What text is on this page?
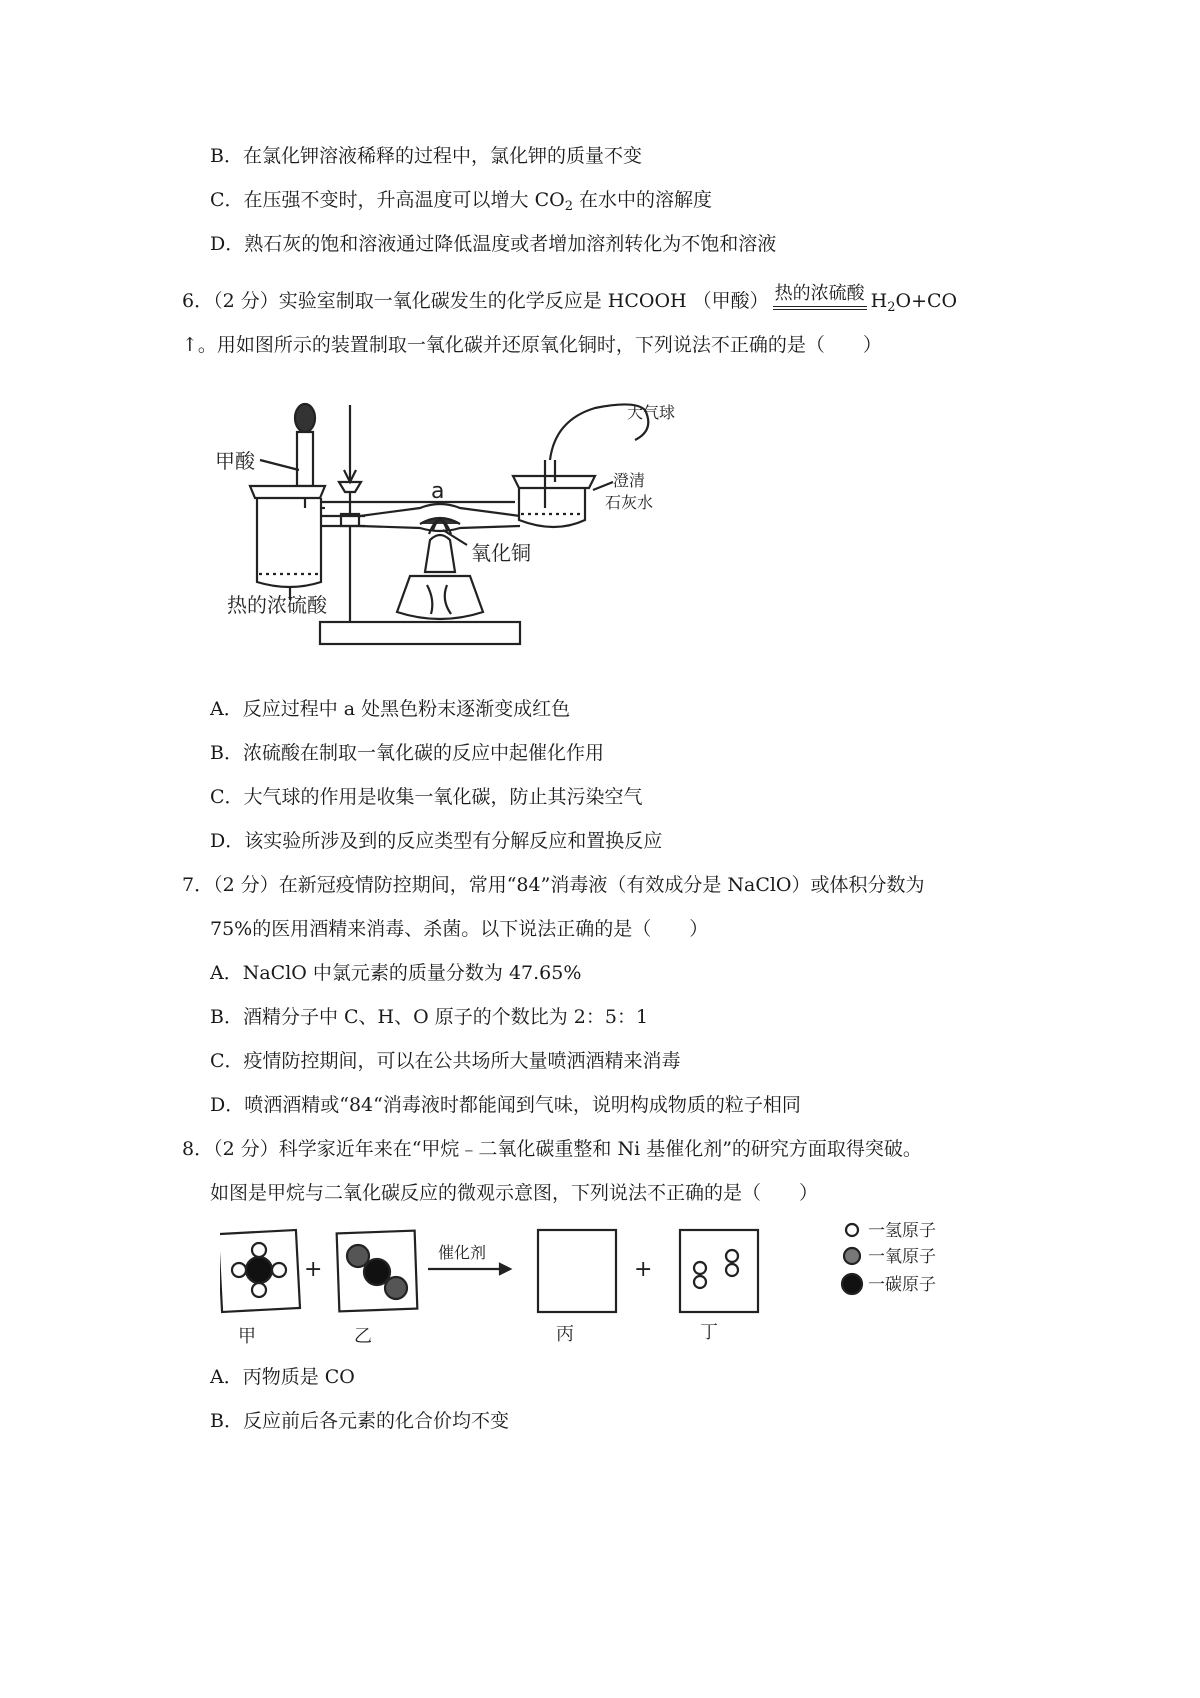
B．在氯化钾溶液稀释的过程中，氯化钾的质量不变
C．在压强不变时，升高温度可以增大 $CO_2$ 在水中的溶解度
D．熟石灰的饱和溶液通过降低温度或者增加溶剂转化为不饱和溶液
6．（2 分）实验室制取一氧化碳发生的化学反应是 HCOOH （甲酸） 热的浓硫酸 $H_2O+CO$
↑。用如图所示的装置制取一氧化碳并还原氧化铜时，下列说法不正确的是（　　）
甲酸
热的浓硫酸
a
氧化铜
大气球
澄清
石灰水
A．反应过程中 a 处黑色粉末逐渐变成红色
B．浓硫酸在制取一氧化碳的反应中起催化作用
C．大气球的作用是收集一氧化碳，防止其污染空气
D．该实验所涉及到的反应类型有分解反应和置换反应
7．（2 分）在新冠疫情防控期间，常用“84”消毒液（有效成分是 NaClO）或体积分数为
75%的医用酒精来消毒、杀菌。以下说法正确的是（　　）
A．NaClO 中氯元素的质量分数为 47.65%
B．酒精分子中 C、H、O 原子的个数比为 2：5：1
C．疫情防控期间，可以在公共场所大量喷洒酒精来消毒
D．喷洒酒精或“84“消毒液时都能闻到气味，说明构成物质的粒子相同
8．（2 分）科学家近年来在“甲烷﹣二氧化碳重整和 Ni 基催化剂”的研究方面取得突破。
如图是甲烷与二氧化碳反应的微观示意图，下列说法不正确的是（　　）
+	+
催化剂
甲	乙	丙	丁
一氢原子
一氧原子
一碳原子
A．丙物质是 CO
B．反应前后各元素的化合价均不变
